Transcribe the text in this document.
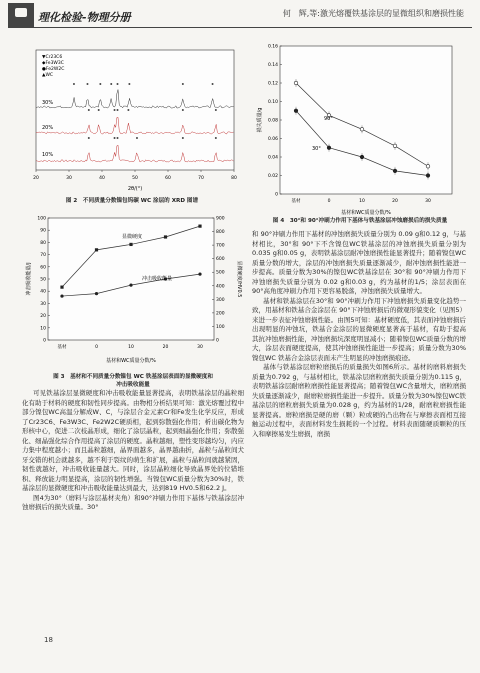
理化检验-物理分册	何　辉,等:激光熔覆铁基涂层的显微组织和磨损性能
▼Cr23C6
◆Fe3W3C
●Fe2W2C
▲WC
30%
20%
10%
20	30	40	50	60	70	80
2θ/(°)
图 2　不同质量分数镍包钨碳 WC 涂层的 XRD 图谱
冲击吸收能量/J	显微硬度/HV0.5
0
10
20
30
40
50
60
70
80
90
100
0
100
200
300
400
500
600
700
800
900
基材	0	10	20	30
显微硬度
冲击吸收能量
基材和WC质量分数/%
图 3　基材和不同质量分数镍包 WC 铁基涂层表面的显微硬度和
冲击吸收能量
损失质量/g
0
0.02
0.04
0.06
0.08
0.10
0.12
0.14
0.16
基材	0	10	20	30
90°
30°
基材和WC质量分数/%
图 4　30°和 90°冲刷力作用下基体与铁基涂层冲蚀磨损后的损失质量

可见铁基涂层显微硬度和冲击吸收能量显著提高，表明铁基涂层的晶粒细化有助于材料的硬度和韧性同步提高。由物相分析结果可知：激光熔覆过程中部分镍包WC高温分解成W、C，与涂层合金元素Cr和Fe发生化学反应，形成了Cr23C6、Fe3W3C、Fe2W2C硬质相，起到弥散强化作用；析出碳化物为形核中心，促进二次枝晶形成，细化了涂层晶粒，起到细晶强化作用；弥散强化、细晶强化综合作用提高了涂层的硬度。晶粒越细，塑性变形越均匀，内应力集中程度越小；而且晶粒越细，晶界面越多，晶界越曲折，晶粒与晶粒间犬牙交错的机会就越多，越不利于裂纹的萌生和扩展，晶粒与晶粒间就越紧固，韧性就越好，冲击吸收能量越大。同时，涂层晶粒细化导致晶界处的位错堆积、释放能力明显提高，涂层的韧性增强。当镍包WC质量分数为30%时，铁基涂层的显微硬度和冲击吸收能量达到最大，达到819 HV0.5和62.2 J。

图4为30°（磨料与涂层基材夹角）和90°冲刷力作用下基体与铁基涂层冲蚀磨损后的损失质量。30°

和 90°冲刷力作用下基材的冲蚀磨损失质量分别为 0.09 g和0.12 g，与基材相比，30°和 90°下不含镍包WC铁基涂层的冲蚀磨损失质量分别为 0.035 g和0.05 g，表明铁基涂层耐冲蚀磨损性能显著提升；随着镍包WC质量分数的增大，涂层的冲蚀磨损失质量逐渐减少，耐冲蚀磨损性能进一步提高。质量分数为30%的镍包WC铁基涂层在 30°和 90°冲刷力作用下冲蚀磨损失质量分别为 0.02 g和0.03 g，约为基材的1/5；涂层表面在90°高角度冲刷力作用下更容易脱落，冲蚀磨损失质量增大。

基材和铁基涂层在30°和 90°冲刷力作用下冲蚀磨损失质量变化趋势一致，用基材和铁基合金涂层在 90°下冲蚀磨损后的微观形貌变化（见图5）来进一步表征冲蚀磨损性能。由图5可知：基材硬度低，其表面冲蚀磨损后出现明显的冲蚀坑，铁基合金涂层的显微硬度显著高于基材，有助于提高其抗冲蚀磨损性能，冲蚀磨损坑深度明显减小；随着镍包WC质量分数的增大，涂层表面硬度提高，使其冲蚀磨损性能进一步提高；质量分数为30%镍包WC 铁基合金涂层表面未产生明显的冲蚀磨损痕迹。

基体与铁基涂层磨粒磨损后的质量损失如图6所示。基材的磨料磨损失质量为0.792 g，与基材相比，铁基涂层磨粒磨损失质量分别为0.115 g，表明铁基涂层耐磨粒磨损性能显著提高；随着镍包WC含量增大，磨粒磨损失质量逐渐减少，耐磨粒磨损性能进一步提升。质量分数为30%镍包WC铁基涂层的磨粒磨损失质量为0.028 g，约为基材的1/28，耐磨粒磨损性能显著提高。磨粒磨损是硬的磨（颗）粒或硬的凸出物在与摩擦表面相互接触运动过程中，表面材料发生损耗的一个过程。材料表面随硬质颗粒的压入和摩擦易发生磨损，磨损

18
